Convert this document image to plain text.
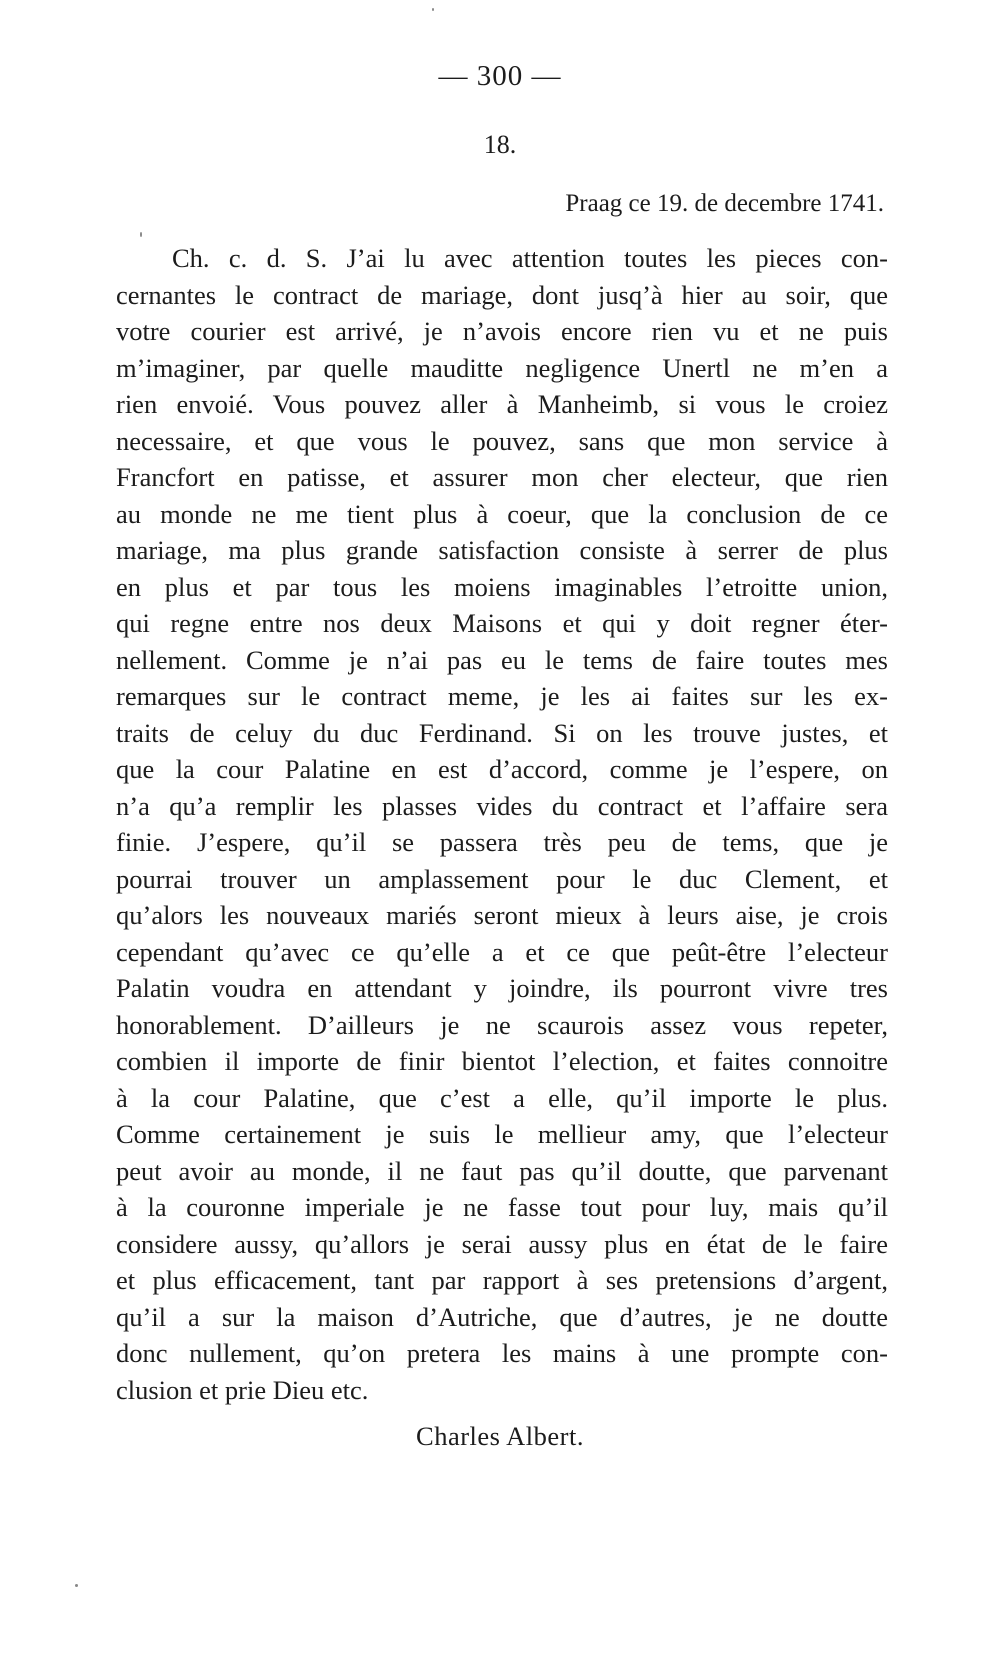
— 300 —
18.
Praag ce 19. de decembre 1741.
Ch. c. d. S. J’ai lu avec attention toutes les pieces con-
cernantes le contract de mariage, dont jusq’à hier au soir, que
votre courier est arrivé, je n’avois encore rien vu et ne puis
m’imaginer, par quelle mauditte negligence Unertl ne m’en a
rien envoié. Vous pouvez aller à Manheimb, si vous le croiez
necessaire, et que vous le pouvez, sans que mon service à
Francfort en patisse, et assurer mon cher electeur, que rien
au monde ne me tient plus à coeur, que la conclusion de ce
mariage, ma plus grande satisfaction consiste à serrer de plus
en plus et par tous les moiens imaginables l’etroitte union,
qui regne entre nos deux Maisons et qui y doit regner éter-
nellement. Comme je n’ai pas eu le tems de faire toutes mes
remarques sur le contract meme, je les ai faites sur les ex-
traits de celuy du duc Ferdinand. Si on les trouve justes, et
que la cour Palatine en est d’accord, comme je l’espere, on
n’a qu’a remplir les plasses vides du contract et l’affaire sera
finie. J’espere, qu’il se passera très peu de tems, que je
pourrai trouver un amplassement pour le duc Clement, et
qu’alors les nouveaux mariés seront mieux à leurs aise, je crois
cependant qu’avec ce qu’elle a et ce que peût-être l’electeur
Palatin voudra en attendant y joindre, ils pourront vivre tres
honorablement. D’ailleurs je ne scaurois assez vous repeter,
combien il importe de finir bientot l’election, et faites connoitre
à la cour Palatine, que c’est a elle, qu’il importe le plus.
Comme certainement je suis le mellieur amy, que l’electeur
peut avoir au monde, il ne faut pas qu’il doutte, que parvenant
à la couronne imperiale je ne fasse tout pour luy, mais qu’il
considere aussy, qu’allors je serai aussy plus en état de le faire
et plus efficacement, tant par rapport à ses pretensions d’argent,
qu’il a sur la maison d’Autriche, que d’autres, je ne doutte
donc nullement, qu’on pretera les mains à une prompte con-
clusion et prie Dieu etc.
Charles Albert.
